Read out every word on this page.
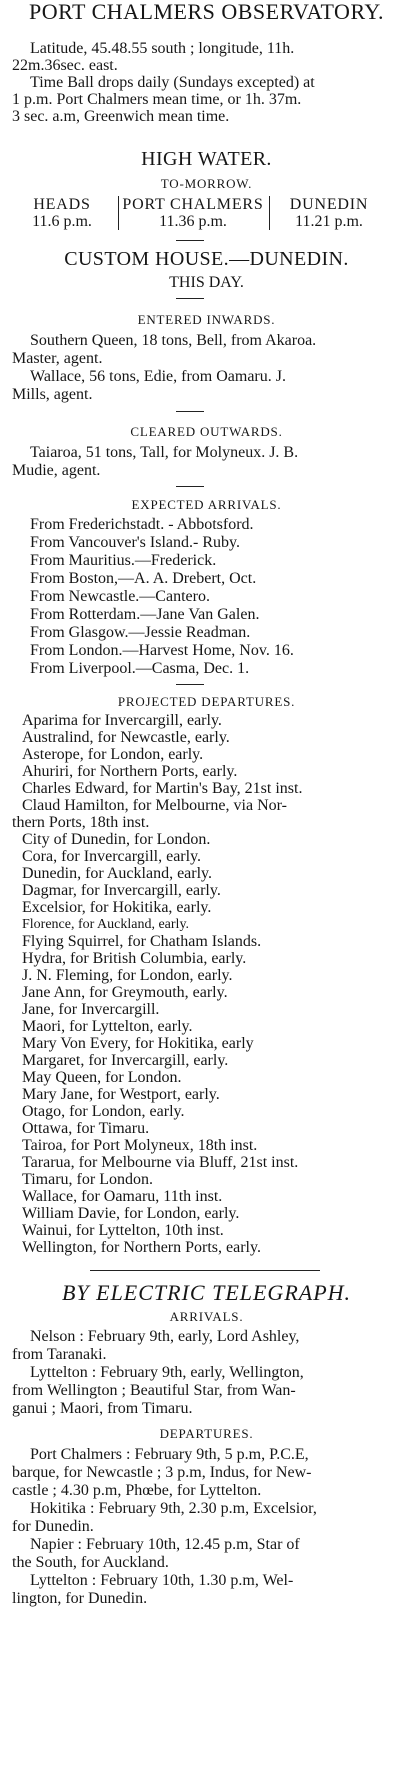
PORT CHALMERS OBSERVATORY.
Latitude, 45.48.55 south ; longitude, 11h.
22m.36sec. east.
Time Ball drops daily (Sundays excepted) at
1 p.m. Port Chalmers mean time, or 1h. 37m.
3 sec. a.m, Greenwich mean time.
HIGH WATER.
TO-MORROW.
HEADS
11.6 p.m.
PORT CHALMERS
11.36 p.m.
DUNEDIN
11.21 p.m.
CUSTOM HOUSE.—DUNEDIN.
THIS DAY.
ENTERED INWARDS.
Southern Queen, 18 tons, Bell, from Akaroa.
Master, agent.
Wallace, 56 tons, Edie, from Oamaru. J.
Mills, agent.
CLEARED OUTWARDS.
Taiaroa, 51 tons, Tall, for Molyneux. J. B.
Mudie, agent.
EXPECTED ARRIVALS.
From Frederichstadt. - Abbotsford.
From Vancouver's Island.- Ruby.
From Mauritius.—Frederick.
From Boston,—A. A. Drebert, Oct.
From Newcastle.—Cantero.
From Rotterdam.—Jane Van Galen.
From Glasgow.—Jessie Readman.
From London.—Harvest Home, Nov. 16.
From Liverpool.—Casma, Dec. 1.
PROJECTED DEPARTURES.
Aparima for Invercargill, early.
Australind, for Newcastle, early.
Asterope, for London, early.
Ahuriri, for Northern Ports, early.
Charles Edward, for Martin's Bay, 21st inst.
Claud Hamilton, for Melbourne, via Nor-
thern Ports, 18th inst.
City of Dunedin, for London.
Cora, for Invercargill, early.
Dunedin, for Auckland, early.
Dagmar, for Invercargill, early.
Excelsior, for Hokitika, early.
Florence, for Auckland, early.
Flying Squirrel, for Chatham Islands.
Hydra, for British Columbia, early.
J. N. Fleming, for London, early.
Jane Ann, for Greymouth, early.
Jane, for Invercargill.
Maori, for Lyttelton, early.
Mary Von Every, for Hokitika, early
Margaret, for Invercargill, early.
May Queen, for London.
Mary Jane, for Westport, early.
Otago, for London, early.
Ottawa, for Timaru.
Tairoa, for Port Molyneux, 18th inst.
Tararua, for Melbourne via Bluff, 21st inst.
Timaru, for London.
Wallace, for Oamaru, 11th inst.
William Davie, for London, early.
Wainui, for Lyttelton, 10th inst.
Wellington, for Northern Ports, early.
BY ELECTRIC TELEGRAPH.
ARRIVALS.
Nelson : February 9th, early, Lord Ashley,
from Taranaki.
Lyttelton : February 9th, early, Wellington,
from Wellington ; Beautiful Star, from Wan-
ganui ; Maori, from Timaru.
DEPARTURES.
Port Chalmers : February 9th, 5 p.m, P.C.E,
barque, for Newcastle ; 3 p.m, Indus, for New-
castle ; 4.30 p.m, Phœbe, for Lyttelton.
Hokitika : February 9th, 2.30 p.m, Excelsior,
for Dunedin.
Napier : February 10th, 12.45 p.m, Star of
the South, for Auckland.
Lyttelton : February 10th, 1.30 p.m, Wel-
lington, for Dunedin.
